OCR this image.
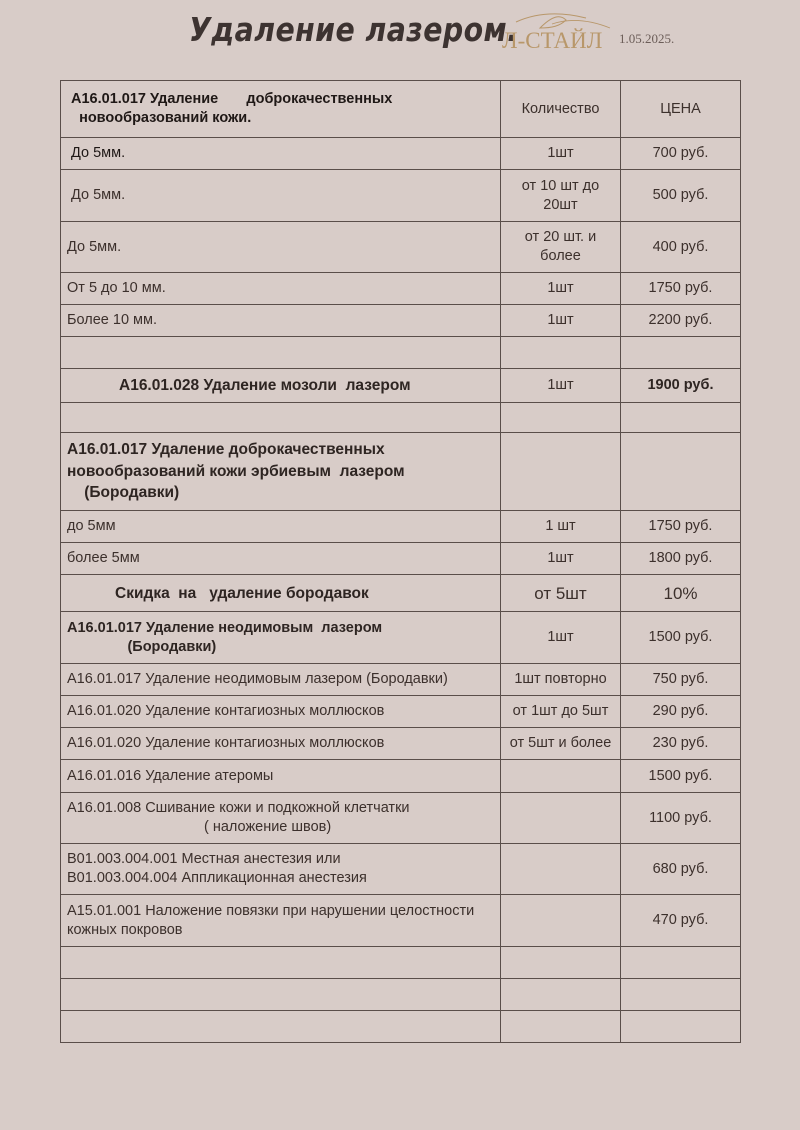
Удаление лазером.
Л-СТАЙЛ 1.05.2025.
A16.01.017 Удаление       доброкачественных
новообразований кожи.	Количество	ЦЕНА
До 5мм.	1шт	700 руб.
До 5мм.	от 10 шт до 20шт	500 руб.
До 5мм.	от 20 шт. и более	400 руб.
От 5 до 10 мм.	1шт	1750 руб.
Более 10 мм.	1шт	2200 руб.

A16.01.028 Удаление мозоли  лазером	1шт	1900 руб.

A16.01.017 Удаление доброкачественных
новообразований кожи эрбиевым  лазером
(Бородавки)		
до 5мм	1 шт	1750 руб.
более 5мм	1шт	1800 руб.
Скидка  на   удаление бородавок	от 5шт	10%
A16.01.017 Удаление неодимовым  лазером
(Бородавки)	1шт	1500 руб.
A16.01.017 Удаление неодимовым лазером (Бородавки)	1шт повторно	750 руб.
A16.01.020 Удаление контагиозных моллюсков	от 1шт до 5шт	290 руб.
A16.01.020 Удаление контагиозных моллюсков	от 5шт и более	230 руб.
A16.01.016 Удаление атеромы		1500 руб.
A16.01.008 Сшивание кожи и подкожной клетчатки
( наложение швов)		1100 руб.
B01.003.004.001 Местная анестезия или
B01.003.004.004 Аппликационная анестезия		680 руб.
A15.01.001 Наложение повязки при нарушении целостности
кожных покровов		470 руб.
